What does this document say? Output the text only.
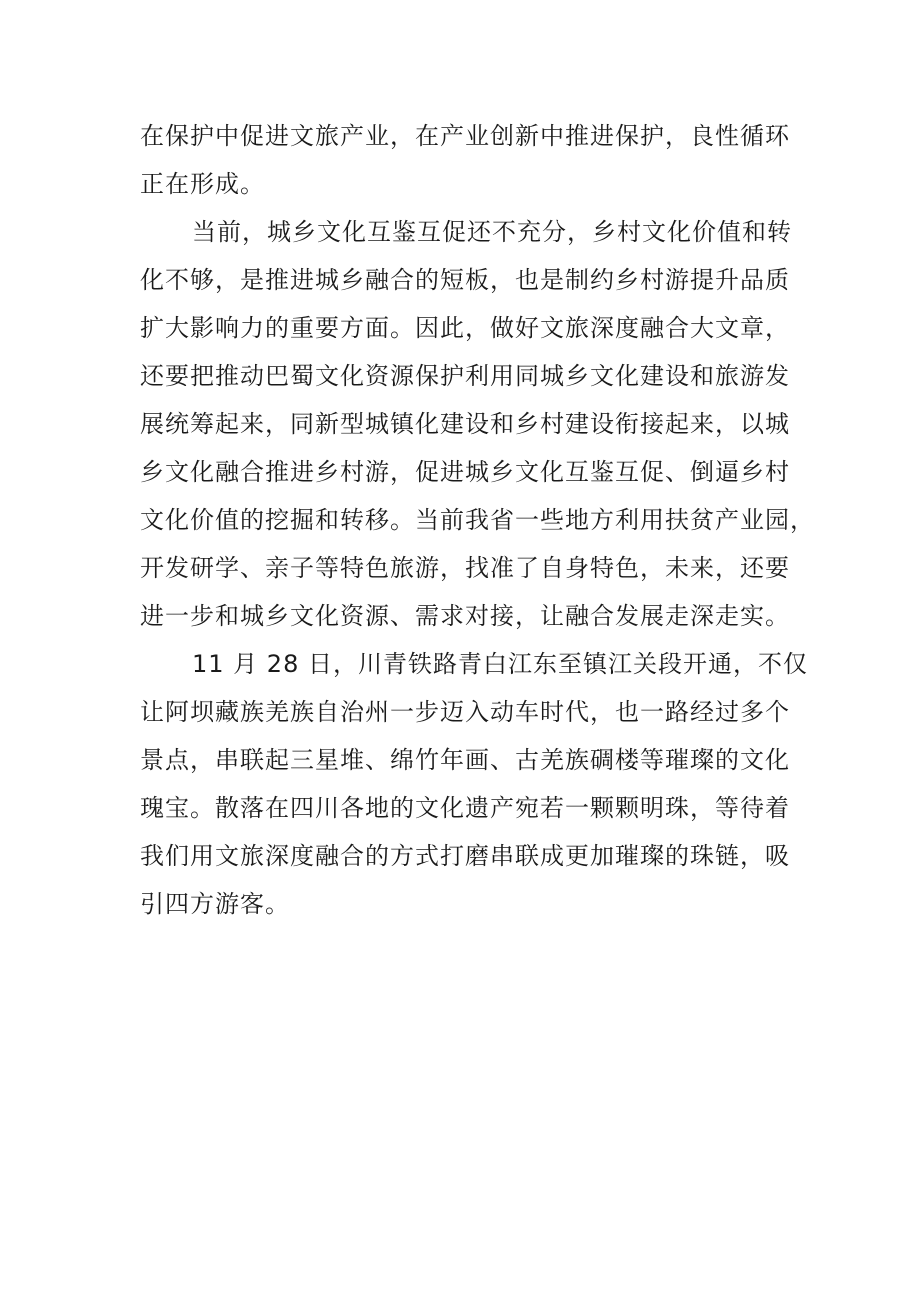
在保护中促进文旅产业，在产业创新中推进保护，良性循环
正在形成。

当前，城乡文化互鉴互促还不充分，乡村文化价值和转
化不够，是推进城乡融合的短板，也是制约乡村游提升品质
扩大影响力的重要方面。因此，做好文旅深度融合大文章，
还要把推动巴蜀文化资源保护利用同城乡文化建设和旅游发
展统筹起来，同新型城镇化建设和乡村建设衔接起来，以城
乡文化融合推进乡村游，促进城乡文化互鉴互促、倒逼乡村
文化价值的挖掘和转移。当前我省一些地方利用扶贫产业园，
开发研学、亲子等特色旅游，找准了自身特色，未来，还要
进一步和城乡文化资源、需求对接，让融合发展走深走实。

11 月 28 日，川青铁路青白江东至镇江关段开通，不仅
让阿坝藏族羌族自治州一步迈入动车时代，也一路经过多个
景点，串联起三星堆、绵竹年画、古羌族碉楼等璀璨的文化
瑰宝。散落在四川各地的文化遗产宛若一颗颗明珠，等待着
我们用文旅深度融合的方式打磨串联成更加璀璨的珠链，吸
引四方游客。
